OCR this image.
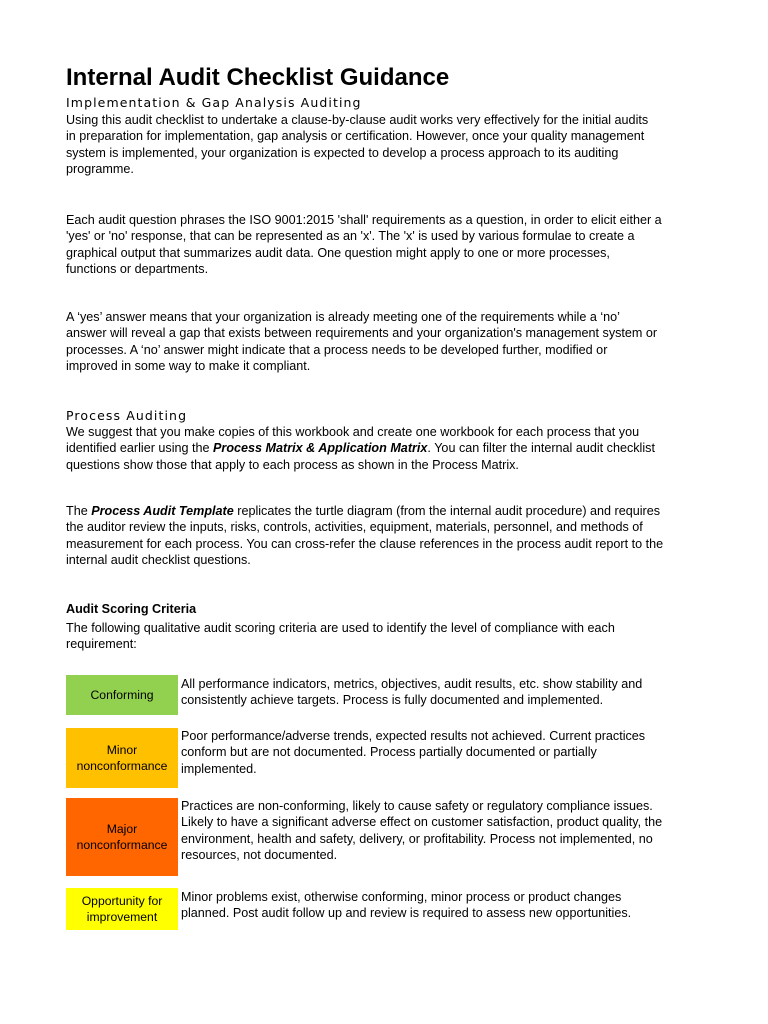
Internal Audit Checklist Guidance
Implementation & Gap Analysis Auditing
Using this audit checklist to undertake a clause-by-clause audit works very effectively for the initial audits
in preparation for implementation, gap analysis or certification. However, once your quality management
system is implemented, your organization is expected to develop a process approach to its auditing
programme.
Each audit question phrases the ISO 9001:2015 'shall' requirements as a question, in order to elicit either a
'yes' or 'no' response, that can be represented as an 'x'. The 'x' is used by various formulae to create a
graphical output that summarizes audit data. One question might apply to one or more processes,
functions or departments.
A ‘yes’ answer means that your organization is already meeting one of the requirements while a ‘no’
answer will reveal a gap that exists between requirements and your organization's management system or
processes. A ‘no’ answer might indicate that a process needs to be developed further, modified or
improved in some way to make it compliant.
Process Auditing
We suggest that you make copies of this workbook and create one workbook for each process that you
identified earlier using the Process Matrix & Application Matrix. You can filter the internal audit checklist
questions show those that apply to each process as shown in the Process Matrix.
The Process Audit Template replicates the turtle diagram (from the internal audit procedure) and requires
the auditor review the inputs, risks, controls, activities, equipment, materials, personnel, and methods of
measurement for each process. You can cross-refer the clause references in the process audit report to the
internal audit checklist questions.
Audit Scoring Criteria
The following qualitative audit scoring criteria are used to identify the level of compliance with each
requirement:
Conforming
All performance indicators, metrics, objectives, audit results, etc. show stability and
consistently achieve targets. Process is fully documented and implemented.
Minor
nonconformance
Poor performance/adverse trends, expected results not achieved. Current practices
conform but are not documented. Process partially documented or partially
implemented.
Major
nonconformance
Practices are non-conforming, likely to cause safety or regulatory compliance issues.
Likely to have a significant adverse effect on customer satisfaction, product quality, the
environment, health and safety, delivery, or profitability. Process not implemented, no
resources, not documented.
Opportunity for
improvement
Minor problems exist, otherwise conforming, minor process or product changes
planned. Post audit follow up and review is required to assess new opportunities.
